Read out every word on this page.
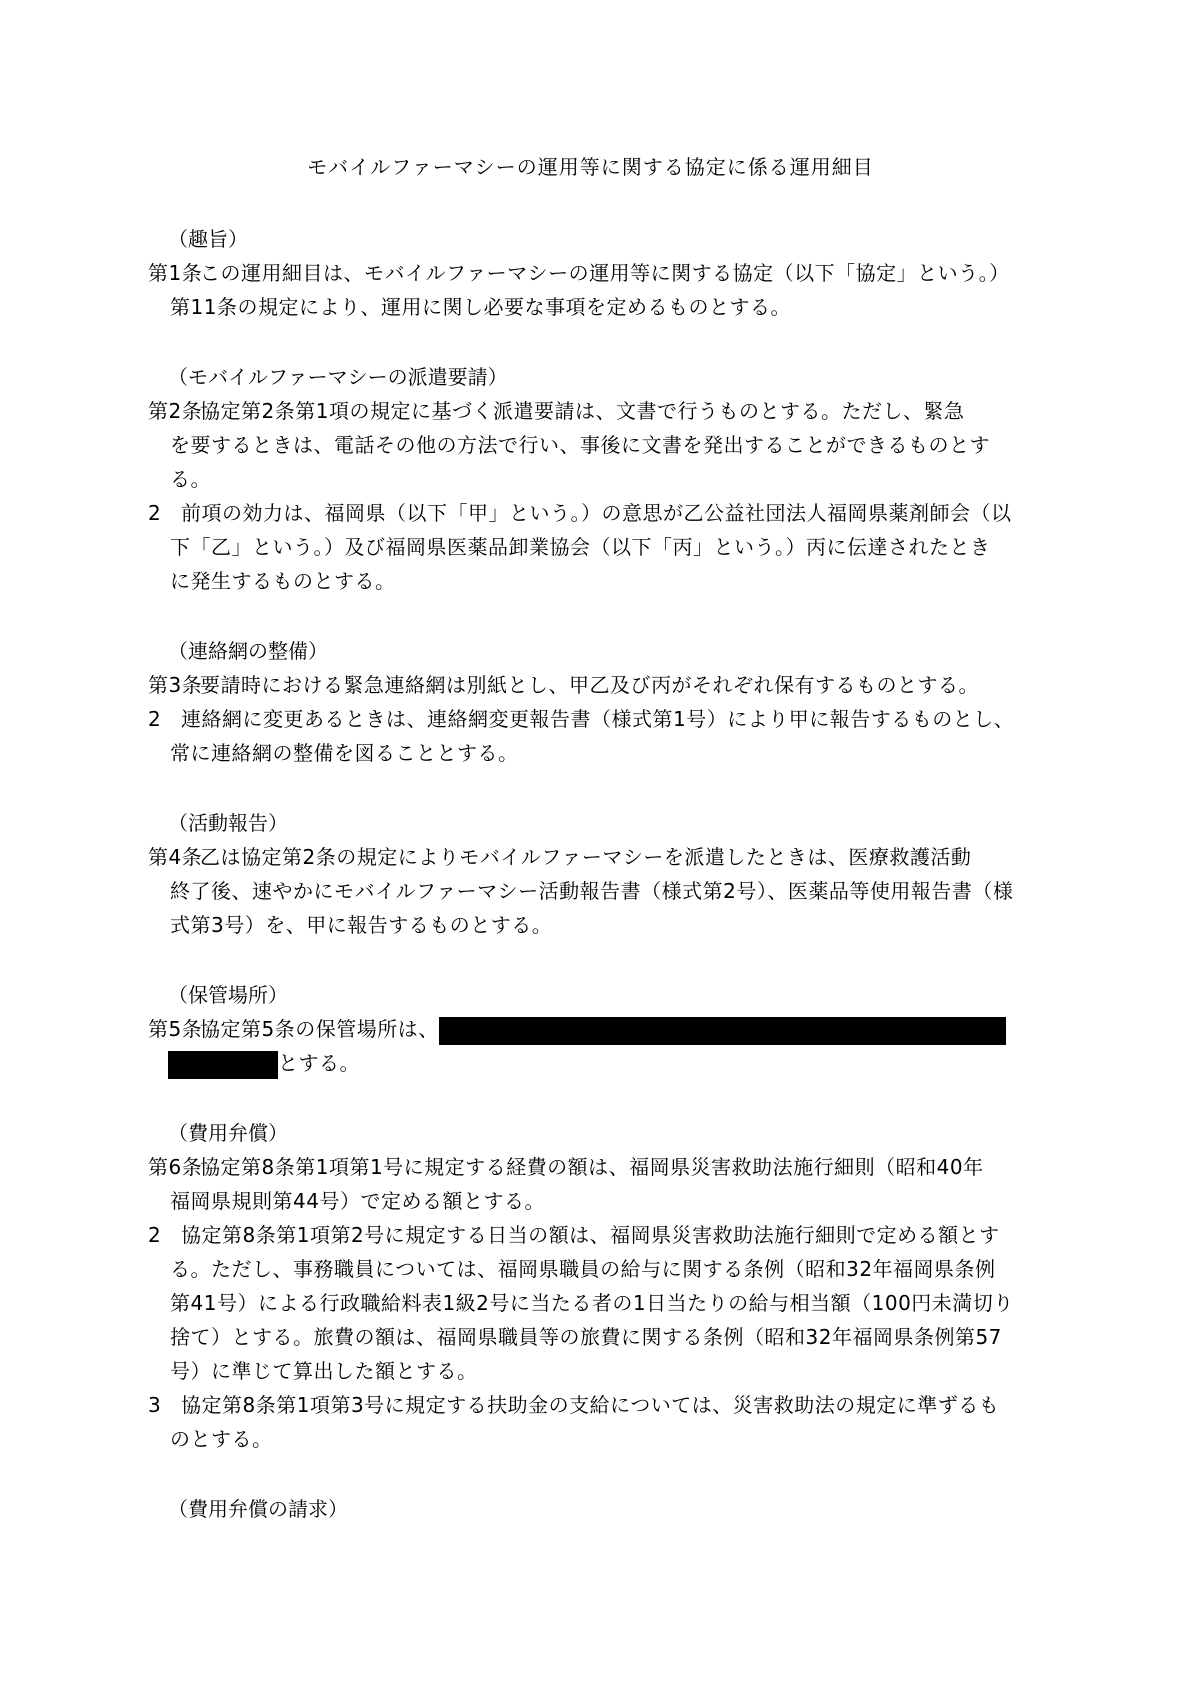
モバイルファーマシーの運用等に関する協定に係る運用細目
（趣旨）
第1条
この運用細目は、モバイルファーマシーの運用等に関する協定（以下「協定」という。）
第11条の規定により、運用に関し必要な事項を定めるものとする。
（モバイルファーマシーの派遣要請）
第2条
協定第2条第1項の規定に基づく派遣要請は、文書で行うものとする。ただし、緊急
を要するときは、電話その他の方法で行い、事後に文書を発出することができるものとす
る。
2 前項の効力は、福岡県（以下「甲」という。）の意思が乙公益社団法人福岡県薬剤師会（以
下「乙」という。）及び福岡県医薬品卸業協会（以下「丙」という。）丙に伝達されたとき
に発生するものとする。
（連絡網の整備）
第3条
要請時における緊急連絡網は別紙とし、甲乙及び丙がそれぞれ保有するものとする。
2 連絡網に変更あるときは、連絡網変更報告書（様式第1号）により甲に報告するものとし、
常に連絡網の整備を図ることとする。
（活動報告）
第4条
乙は協定第2条の規定によりモバイルファーマシーを派遣したときは、医療救護活動
終了後、速やかにモバイルファーマシー活動報告書（様式第2号）、医薬品等使用報告書（様
式第3号）を、甲に報告するものとする。
（保管場所）
第5条
協定第5条の保管場所は、
とする。
（費用弁償）
第6条
協定第8条第1項第1号に規定する経費の額は、福岡県災害救助法施行細則（昭和40年
福岡県規則第44号）で定める額とする。
2 協定第8条第1項第2号に規定する日当の額は、福岡県災害救助法施行細則で定める額とす
る。ただし、事務職員については、福岡県職員の給与に関する条例（昭和32年福岡県条例
第41号）による行政職給料表1級2号に当たる者の1日当たりの給与相当額（100円未満切り
捨て）とする。旅費の額は、福岡県職員等の旅費に関する条例（昭和32年福岡県条例第57
号）に準じて算出した額とする。
3 協定第8条第1項第3号に規定する扶助金の支給については、災害救助法の規定に準ずるも
のとする。
（費用弁償の請求）
